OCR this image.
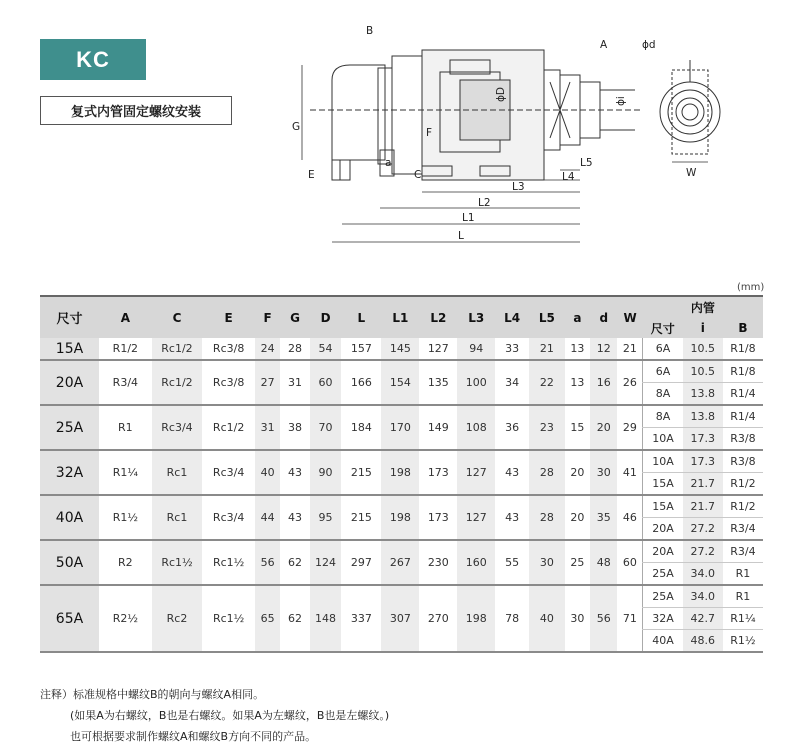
KC
复式内管固定螺纹安装
B
A	ϕd
ϕD	ϕi
G	F
a
E	C
L5
L4
L3
L2
L1
L
W
(mm)
尺寸	A	C	E	F	G	D	L	L1	L2	L3	L4	L5	a	d	W	内管		
																尺寸	i	B
15A	R1/2	Rc1/2	Rc3/8	24	28	54	157	145	127	94	33	21	13	12	21	6A	10.5	R1/8
20A	R3/4	Rc1/2	Rc3/8	27	31	60	166	154	135	100	34	22	13	16	26	6A	10.5	R1/8
																8A	13.8	R1/4
25A	R1	Rc3/4	Rc1/2	31	38	70	184	170	149	108	36	23	15	20	29	8A	13.8	R1/4
																10A	17.3	R3/8
32A	R1¼	Rc1	Rc3/4	40	43	90	215	198	173	127	43	28	20	30	41	10A	17.3	R3/8
																15A	21.7	R1/2
40A	R1½	Rc1	Rc3/4	44	43	95	215	198	173	127	43	28	20	35	46	15A	21.7	R1/2
																20A	27.2	R3/4
50A	R2	Rc1½	Rc1½	56	62	124	297	267	230	160	55	30	25	48	60	20A	27.2	R3/4
																25A	34.0	R1
65A	R2½	Rc2	Rc1½	65	62	148	337	307	270	198	78	40	30	56	71	25A	34.0	R1
																32A	42.7	R1¼
																40A	48.6	R1½
注释）标准规格中螺纹B的朝向与螺纹A相同。
(如果A为右螺纹，B也是右螺纹。如果A为左螺纹，B也是左螺纹。)
也可根据要求制作螺纹A和螺纹B方向不同的产品。
